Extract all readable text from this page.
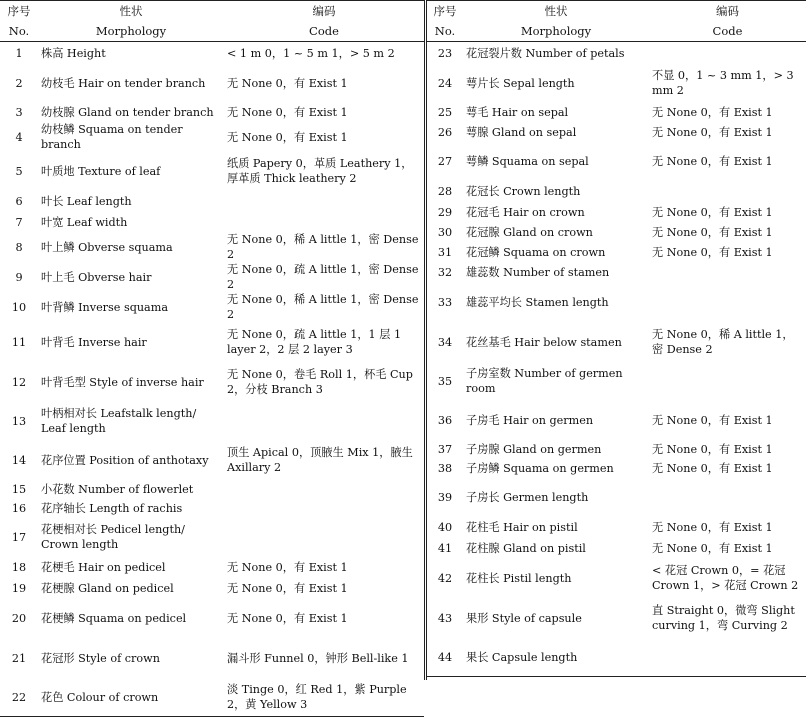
序号	性状	编码
No.	Morphology	Code
1	株高 Height	< 1 m 0，1 ~ 5 m 1，> 5 m 2
2	幼枝毛 Hair on tender branch	无 None 0，有 Exist 1
3	幼枝腺 Gland on tender branch	无 None 0，有 Exist 1
4	幼枝鳞 Squama on tender branch	无 None 0，有 Exist 1
5	叶质地 Texture of leaf	纸质 Papery 0，革质 Leathery 1，厚革质 Thick leathery 2
6	叶长 Leaf length	
7	叶宽 Leaf width	
8	叶上鳞 Obverse squama	无 None 0，稀 A little 1，密 Dense 2
9	叶上毛 Obverse hair	无 None 0，疏 A little 1，密 Dense 2
10	叶背鳞 Inverse squama	无 None 0，稀 A little 1，密 Dense 2
11	叶背毛 Inverse hair	无 None 0，疏 A little 1，1 层 1 layer 2，2 层 2 layer 3
12	叶背毛型 Style of inverse hair	无 None 0，卷毛 Roll 1，杯毛 Cup 2，分枝 Branch 3
13	叶柄相对长 Leafstalk length/ Leaf length	
14	花序位置 Position of anthotaxy	顶生 Apical 0，顶腋生 Mix 1，腋生 Axillary 2
15	小花数 Number of flowerlet	
16	花序轴长 Length of rachis	
17	花梗相对长 Pedicel length/ Crown length	
18	花梗毛 Hair on pedicel	无 None 0，有 Exist 1
19	花梗腺 Gland on pedicel	无 None 0，有 Exist 1
20	花梗鳞 Squama on pedicel	无 None 0，有 Exist 1
21	花冠形 Style of crown	漏斗形 Funnel 0，钟形 Bell-like 1
22	花色 Colour of crown	淡 Tinge 0，红 Red 1，紫 Purple 2，黄 Yellow 3
序号	性状	编码
No.	Morphology	Code
23	花冠裂片数 Number of petals	
24	萼片长 Sepal length	不显 0，1 ~ 3 mm 1，> 3 mm 2
25	萼毛 Hair on sepal	无 None 0，有 Exist 1
26	萼腺 Gland on sepal	无 None 0，有 Exist 1
27	萼鳞 Squama on sepal	无 None 0，有 Exist 1
28	花冠长 Crown length	
29	花冠毛 Hair on crown	无 None 0，有 Exist 1
30	花冠腺 Gland on crown	无 None 0，有 Exist 1
31	花冠鳞 Squama on crown	无 None 0，有 Exist 1
32	雄蕊数 Number of stamen	
33	雄蕊平均长 Stamen length	
34	花丝基毛 Hair below stamen	无 None 0，稀 A little 1，密 Dense 2
35	子房室数 Number of germen room	
36	子房毛 Hair on germen	无 None 0，有 Exist 1
37	子房腺 Gland on germen	无 None 0，有 Exist 1
38	子房鳞 Squama on germen	无 None 0，有 Exist 1
39	子房长 Germen length	
40	花柱毛 Hair on pistil	无 None 0，有 Exist 1
41	花柱腺 Gland on pistil	无 None 0，有 Exist 1
42	花柱长 Pistil length	< 花冠 Crown 0，= 花冠 Crown 1，> 花冠 Crown 2
43	果形 Style of capsule	直 Straight 0，微弯 Slight curving 1，弯 Curving 2
44	果长 Capsule length	
